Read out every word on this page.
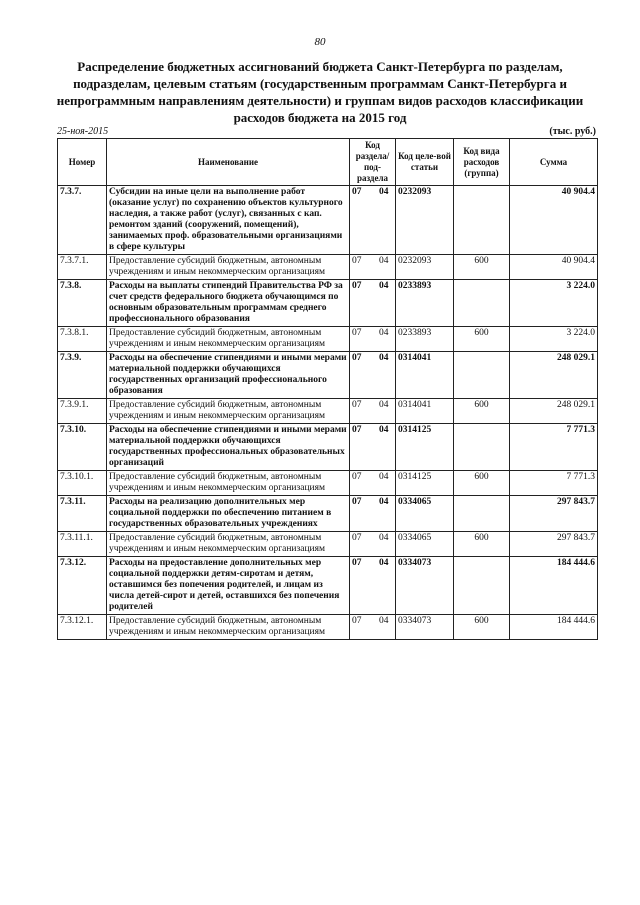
80
Распределение бюджетных ассигнований бюджета Санкт-Петербурга по разделам, подразделам, целевым статьям (государственным программам Санкт-Петербурга и непрограммным направлениям деятельности) и группам видов расходов классификации расходов бюджета на 2015 год
25-ноя-2015	(тыс. руб.)
Номер	Наименование	Код раздела/ под-раздела		Код целе-вой статьи	Код вида расходов (группа)	Сумма
7.3.7.	Субсидии на иные цели на выполнение работ (оказание услуг) по сохранению объектов культурного наследия, а также работ (услуг), связанных с кап. ремонтом зданий (сооружений, помещений), занимаемых проф. образовательными организациями в сфере культуры	07	04	0232093		40 904.4
7.3.7.1.	Предоставление субсидий бюджетным, автономным учреждениям и иным некоммерческим организациям	07	04	0232093	600	40 904.4
7.3.8.	Расходы на выплаты стипендий Правительства РФ за счет средств федерального бюджета обучающимся по основным образовательным программам среднего профессионального образования	07	04	0233893		3 224.0
7.3.8.1.	Предоставление субсидий бюджетным, автономным учреждениям и иным некоммерческим организациям	07	04	0233893	600	3 224.0
7.3.9.	Расходы на обеспечение стипендиями и иными мерами материальной поддержки обучающихся государственных организаций профессионального образования	07	04	0314041		248 029.1
7.3.9.1.	Предоставление субсидий бюджетным, автономным учреждениям и иным некоммерческим организациям	07	04	0314041	600	248 029.1
7.3.10.	Расходы на обеспечение стипендиями и иными мерами материальной поддержки обучающихся государственных профессиональных образовательных организаций	07	04	0314125		7 771.3
7.3.10.1.	Предоставление субсидий бюджетным, автономным учреждениям и иным некоммерческим организациям	07	04	0314125	600	7 771.3
7.3.11.	Расходы на реализацию дополнительных мер социальной поддержки по обеспечению питанием в государственных образовательных учреждениях	07	04	0334065		297 843.7
7.3.11.1.	Предоставление субсидий бюджетным, автономным учреждениям и иным некоммерческим организациям	07	04	0334065	600	297 843.7
7.3.12.	Расходы на предоставление дополнительных мер социальной поддержки детям-сиротам и детям, оставшимся без попечения родителей, и лицам из числа детей-сирот и детей, оставшихся без попечения родителей	07	04	0334073		184 444.6
7.3.12.1.	Предоставление субсидий бюджетным, автономным учреждениям и иным некоммерческим организациям	07	04	0334073	600	184 444.6
